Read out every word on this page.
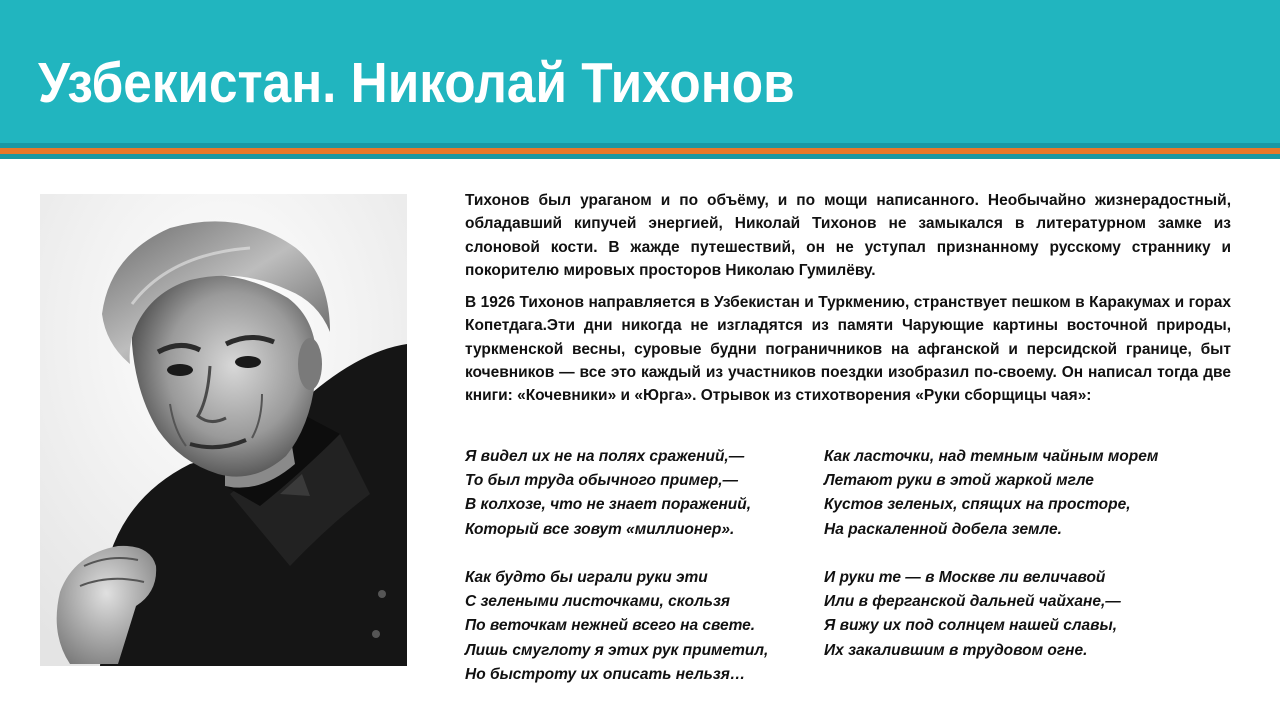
Узбекистан. Николай Тихонов

Тихонов был ураганом и по объёму, и по мощи написанного. Необычайно жизнерадостный, обладавший кипучей энергией, Николай Тихонов не замыкался в литературном замке из слоновой кости. В жажде путешествий, он не уступал признанному русскому страннику и покорителю мировых просторов Николаю Гумилёву.

В 1926 Тихонов направляется в Узбекистан и Туркмению, странствует пешком в Каракумах и горах Копетдага.Эти дни никогда не изгладятся из памяти Чарующие картины восточной природы, туркменской весны, суровые будни пограничников на афганской и персидской границе, быт кочевников — все это каждый из участников поездки изобразил по-своему. Он написал тогда две книги: «Кочевники» и «Юрга». Отрывок из стихотворения «Руки сборщицы чая»:

Я видел их не на полях сражений,—
То был труда обычного пример,—
В колхозе, что не знает поражений,
Который все зовут «миллионер».
Как будто бы играли руки эти
С зелеными листочками, скользя
По веточкам нежней всего на свете.
Лишь смуглоту я этих рук приметил,
Но быстроту их описать нельзя…
Как ласточки, над темным чайным морем
Летают руки в этой жаркой мгле
Кустов зеленых, спящих на просторе,
На раскаленной добела земле.
И руки те — в Москве ли величавой
Или в ферганской дальней чайхане,—
Я вижу их под солнцем нашей славы,
Их закалившим в трудовом огне.
